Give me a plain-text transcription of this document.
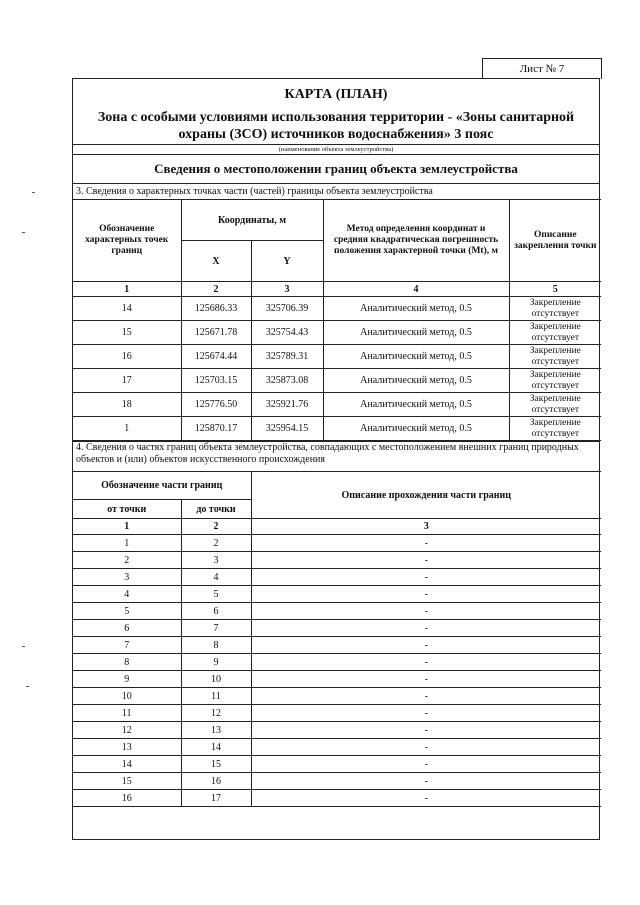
Лист № 7
КАРТА (ПЛАН)
Зона с особыми условиями использования территории - «Зоны санитарной охраны (ЗСО) источников водоснабжения» 3 пояс
(наименование объекта землеустройства)
Сведения о местоположении границ объекта землеустройства
3. Сведения о характерных точках части (частей) границы объекта землеустройства
Обозначение характерных точек границ	Координаты, м		Метод определения координат и средняя квадратическая погрешность положения характерной точки (Mt), м	Описание закрепления точки
	X	Y		
1	2	3	4	5
14	125686.33	325706.39	Аналитический метод, 0.5	Закрепление отсутствует
15	125671.78	325754.43	Аналитический метод, 0.5	Закрепление отсутствует
16	125674.44	325789.31	Аналитический метод, 0.5	Закрепление отсутствует
17	125703.15	325873.08	Аналитический метод, 0.5	Закрепление отсутствует
18	125776.50	325921.76	Аналитический метод, 0.5	Закрепление отсутствует
1	125870.17	325954.15	Аналитический метод, 0.5	Закрепление отсутствует
4. Сведения о частях границ объекта землеустройства, совпадающих с местоположением внешних границ природных объектов и (или) объектов искусственного происхождения
Обозначение части границ		Описание прохождения части границ
от точки	до точки	
1	2	3
1	2	-
2	3	-
3	4	-
4	5	-
5	6	-
6	7	-
7	8	-
8	9	-
9	10	-
10	11	-
11	12	-
12	13	-
13	14	-
14	15	-
15	16	-
16	17	-
